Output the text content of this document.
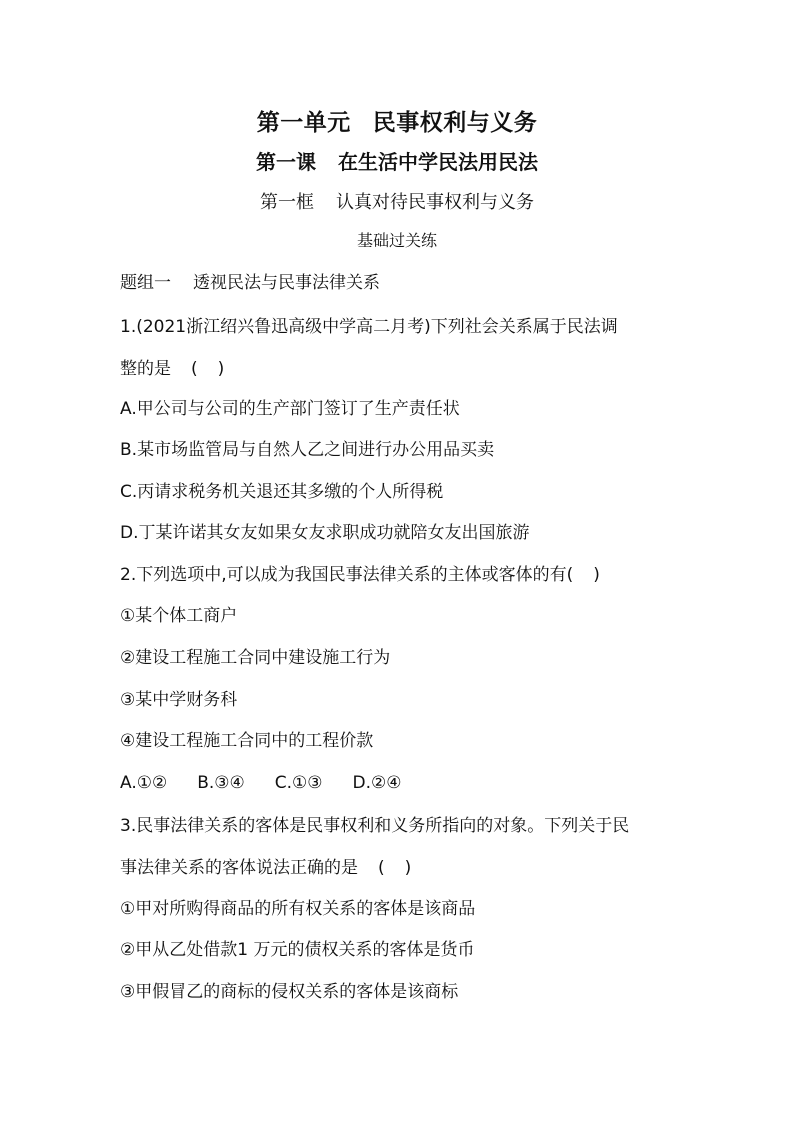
第一单元 民事权利与义务
第一课 在生活中学民法用民法
第一框 认真对待民事权利与义务
基础过关练
题组一 透视民法与民事法律关系
1.(2021浙江绍兴鲁迅高级中学高二月考)下列社会关系属于民法调
整的是 ( )
A.甲公司与公司的生产部门签订了生产责任状
B.某市场监管局与自然人乙之间进行办公用品买卖
C.丙请求税务机关退还其多缴的个人所得税
D.丁某许诺其女友如果女友求职成功就陪女友出国旅游
2.下列选项中,可以成为我国民事法律关系的主体或客体的有( )
①某个体工商户
②建设工程施工合同中建设施工行为
③某中学财务科
④建设工程施工合同中的工程价款
A.①② B.③④ C.①③ D.②④
3.民事法律关系的客体是民事权利和义务所指向的对象。下列关于民
事法律关系的客体说法正确的是 ( )
①甲对所购得商品的所有权关系的客体是该商品
②甲从乙处借款1 万元的债权关系的客体是货币
③甲假冒乙的商标的侵权关系的客体是该商标
